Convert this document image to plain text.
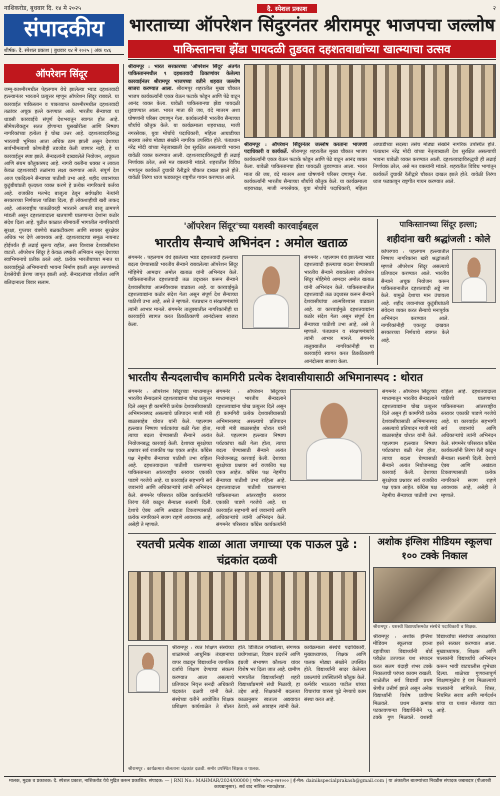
नाशिकरोड, बुधवार दि. १४ मे २०२५	दै. स्पेशल प्रकाश	२
संपादकीय
शीर्षक: दै. स्पेशल प्रकाश | बुधवार १४ मे २०२५ | अंक १४६
भारताच्या ऑपरेशन सिंदुरनंतर श्रीरामपूर भाजपचा जल्लोष
पाकिस्तानचा झेंडा पायदळी तुडवत दहशतवाद्यांच्या खात्म्याचा उत्सव
ऑपरेशन सिंदूर
जम्मू-काश्मीरमधील पेहलगाम येथे झालेल्या भ्याड दहशतवादी हल्ल्यानंतर भारताने प्रत्युत्तर म्हणून ऑपरेशन सिंदूर राबवले. या कारवाईत पाकिस्तान व पाकव्याप्त काश्मीरमधील दहशतवादी तळांवर अचूक हल्ले करण्यात आले. भारतीय सैन्याच्या या धाडसी कारवाईचे संपूर्ण देशभरातून स्वागत होत आहे. सीमेपलीकडून सतत होणाऱ्या घुसखोरीला आणि निष्पाप नागरिकांच्या हत्येला हे चोख उत्तर आहे. दहशतवादाविरुद्ध भारताची भूमिका आता अधिक ठाम झाली असून देशाच्या सार्वभौमत्वाशी कोणतीही तडजोड केली जाणार नाही, हे या कारवाईतून स्पष्ट झाले. सैन्यदलांनी दाखवलेले नियोजन, अचूकता आणि संयम कौतुकास्पद आहे. नागरी वस्तींना धक्का न लावता केवळ दहशतवादी तळांनाच लक्ष्य करण्यात आले. संपूर्ण देश आज एकदिलाने सैन्याच्या पाठीशी उभा आहे. शहीद जवानांच्या कुटुंबीयांप्रती कृतज्ञता व्यक्त करणे हे प्रत्येक नागरिकाचे कर्तव्य आहे. राजकीय मतभेद बाजूला ठेवून सर्वपक्षीय नेत्यांनी सरकारच्या निर्णयाला पाठिंबा दिला, ही लोकशाहीची खरी ताकद आहे. आंतरराष्ट्रीय पातळीवरही भारताने आपली बाजू ठामपणे मांडली असून दहशतवादाला खतपाणी घालणाऱ्या देशांना कठोर संदेश दिला आहे. पुढील काळात सीमावर्ती भागातील नागरिकांची सुरक्षा, गुप्तचर यंत्रणेचे बळकटीकरण आणि सायबर सुरक्षेवर अधिक भर देणे आवश्यक आहे. दहशतवादाचा समूळ नायनाट होईपर्यंत ही लढाई सुरूच राहील, असा विश्वास देशवासीयांना वाटतो. ऑपरेशन सिंदूर हे केवळ लष्करी अभियान नसून देशाच्या स्वाभिमानाचे प्रतीक ठरले आहे. प्रत्येक भारतीयाच्या मनात या कारवाईमुळे अभिमानाची भावना निर्माण झाली असून तरुणांमध्ये देशसेवेची प्रेरणा जागृत झाली आहे. सैन्यदलांच्या शौर्याला आणि बलिदानाला त्रिवार सलाम.
श्रीरामपूर : भारत सरकारच्या 'ऑपरेशन सिंदूर' अंतर्गत पाकिस्तानमधील ९ दहशतवादी ठिकाणांवर केलेल्या कारवाईनंतर श्रीरामपूर भाजपच्या वतीने शहरात जल्लोष साजरा करण्यात आला. श्रीरामपूर शहरातील मुख्य चौकात भाजप कार्यकर्त्यांनी एकत्र येऊन फटाके फोडून आणि पेढे वाटून आनंद व्यक्त केला. यावेळी पाकिस्तानचा झेंडा पायदळी तुडवण्यात आला. भारत माता की जय, वंदे मातरम अशा घोषणांनी परिसर दणाणून गेला. कार्यकर्त्यांनी भारतीय सैन्याच्या शौर्याचे कौतुक केले. या कार्यक्रमाला शहराध्यक्ष, माजी नगरसेवक, युवा मोर्चाचे पदाधिकारी, महिला आघाडीच्या सदस्या तसेच मोठ्या संख्येने नागरिक उपस्थित होते. पंतप्रधान नरेंद्र मोदी यांच्या नेतृत्वाखाली देश सुरक्षित असल्याची भावना यावेळी व्यक्त करण्यात आली. दहशतवादाविरुद्धची ही लढाई निर्णायक ठरेल, असे मत वक्त्यांनी मांडले. शहरातील विविध भागांतून कार्यकर्ते दुचाकी रॅलीद्वारे चौकात दाखल झाले होते. यावेळी तिरंगा ध्वज फडकावून राष्ट्रगीत गायन करण्यात आले.
श्रीरामपूर : ऑपरेशन सिंदूरनंतर जल्लोष करताना भाजपचे पदाधिकारी व कार्यकर्ते. श्रीरामपूर शहरातील मुख्य चौकात भाजप कार्यकर्त्यांनी एकत्र येऊन फटाके फोडून आणि पेढे वाटून आनंद व्यक्त केला. यावेळी पाकिस्तानचा झेंडा पायदळी तुडवण्यात आला. भारत माता की जय, वंदे मातरम अशा घोषणांनी परिसर दणाणून गेला. कार्यकर्त्यांनी भारतीय सैन्याच्या शौर्याचे कौतुक केले. या कार्यक्रमाला शहराध्यक्ष, माजी नगरसेवक, युवा मोर्चाचे पदाधिकारी, महिला आघाडीच्या सदस्या तसेच मोठ्या संख्येने नागरिक उपस्थित होते. पंतप्रधान नरेंद्र मोदी यांच्या नेतृत्वाखाली देश सुरक्षित असल्याची भावना यावेळी व्यक्त करण्यात आली. दहशतवादाविरुद्धची ही लढाई निर्णायक ठरेल, असे मत वक्त्यांनी मांडले. शहरातील विविध भागांतून कार्यकर्ते दुचाकी रॅलीद्वारे चौकात दाखल झाले होते. यावेळी तिरंगा ध्वज फडकावून राष्ट्रगीत गायन करण्यात आले.
'ऑपरेशन सिंदूर'च्या यशस्वी कारवाईबद्दल
भारतीय सैन्याचे अभिनंदन : अमोल खताळ
संगमनेर : पहलगाम येथे झालेल्या भ्याड दहशतवादी हल्ल्याचा बदला घेण्यासाठी भारतीय सैन्याने राबवलेल्या ऑपरेशन सिंदूर मोहिमेचे आमदार अमोल खताळ यांनी अभिनंदन केले. पाकिस्तानातील दहशतवादी तळ उद्ध्वस्त करून सैन्याने देशवासीयांचा आत्मविश्वास वाढवला आहे. या कारवाईमुळे दहशतवाद्यांना कठोर संदेश गेला असून संपूर्ण देश सैन्याच्या पाठीशी उभा आहे, असे ते म्हणाले. पंतप्रधान व संरक्षणमंत्र्यांचे त्यांनी आभार मानले. संगमनेर तालुक्यातील नागरिकांनीही या कारवाईचे स्वागत करत ठिकठिकाणी आनंदोत्सव साजरा केला.
संगमनेर : पहलगाम येथे झालेल्या भ्याड दहशतवादी हल्ल्याचा बदला घेण्यासाठी भारतीय सैन्याने राबवलेल्या ऑपरेशन सिंदूर मोहिमेचे आमदार अमोल खताळ यांनी अभिनंदन केले. पाकिस्तानातील दहशतवादी तळ उद्ध्वस्त करून सैन्याने देशवासीयांचा आत्मविश्वास वाढवला आहे. या कारवाईमुळे दहशतवाद्यांना कठोर संदेश गेला असून संपूर्ण देश सैन्याच्या पाठीशी उभा आहे, असे ते म्हणाले. पंतप्रधान व संरक्षणमंत्र्यांचे त्यांनी आभार मानले. संगमनेर तालुक्यातील नागरिकांनीही या कारवाईचे स्वागत करत ठिकठिकाणी आनंदोत्सव साजरा केला.
पाकिस्तानच्या सिंदूर हल्ला;
शहीदांना खरी श्रद्धांजली : कोले
कोपरगाव : पहलगाम हल्ल्यातील निष्पाप नागरिकांना खरी श्रद्धांजली म्हणजे ऑपरेशन सिंदूर असल्याचे प्रतिपादन करण्यात आले. भारतीय सैन्याने अचूक नियोजन करून पाकिस्तानातील दहशतवादी अड्डे नष्ट केले. यामुळे देशाचा मान उंचावला आहे. शहीद जवानांच्या कुटुंबीयांप्रती संवेदना व्यक्त करत सैन्याचे मनःपूर्वक अभिनंदन करण्यात आले. नागरिकांनीही एकजूट दाखवत सरकारच्या निर्णयाचे स्वागत केले आहे.
भारतीय सैन्यदलाचीच कामगिरी प्रत्येक देशवासीयासाठी अभिमानास्पद : थोरात
संगमनेर : ऑपरेशन सिंदूरच्या माध्यमातून भारतीय सैन्यदलाने दहशतवाद्यांना चोख प्रत्युत्तर दिले असून ही कामगिरी प्रत्येक देशवासीयासाठी अभिमानास्पद असल्याचे प्रतिपादन माजी मंत्री बाळासाहेब थोरात यांनी केले. पहलगाम हल्ल्यात निष्पाप पर्यटकांचा बळी गेला होता, त्याचा बदला घेण्यासाठी सैन्याने अत्यंत नियोजनबद्ध कारवाई केली. देशाच्या सुरक्षेच्या प्रश्नावर सर्व राजकीय पक्ष एकत्र आहेत. काँग्रेस पक्ष नेहमीच सैन्याच्या पाठीशी उभा राहिला आहे. दहशतवादाला पाठीशी घालणाऱ्या पाकिस्तानला आंतरराष्ट्रीय स्तरावर एकाकी पाडणे गरजेचे आहे. या कारवाईत सहभागी सर्व जवानांचे आणि अधिकाऱ्यांचे त्यांनी अभिनंदन केले. संगमनेर परिसरात काँग्रेस कार्यकर्त्यांनी तिरंगा रॅली काढून सैन्याला सलामी दिली. देशाचे ऐक्य आणि अखंडता टिकवण्यासाठी प्रत्येक नागरिकाने सजग राहणे आवश्यक आहे, असेही ते म्हणाले.
संगमनेर : ऑपरेशन सिंदूरच्या माध्यमातून भारतीय सैन्यदलाने दहशतवाद्यांना चोख प्रत्युत्तर दिले असून ही कामगिरी प्रत्येक देशवासीयासाठी अभिमानास्पद असल्याचे प्रतिपादन माजी मंत्री बाळासाहेब थोरात यांनी केले. पहलगाम हल्ल्यात निष्पाप पर्यटकांचा बळी गेला होता, त्याचा बदला घेण्यासाठी सैन्याने अत्यंत नियोजनबद्ध कारवाई केली. देशाच्या सुरक्षेच्या प्रश्नावर सर्व राजकीय पक्ष एकत्र आहेत. काँग्रेस पक्ष नेहमीच सैन्याच्या पाठीशी उभा राहिला आहे. दहशतवादाला पाठीशी घालणाऱ्या पाकिस्तानला आंतरराष्ट्रीय स्तरावर एकाकी पाडणे गरजेचे आहे. या कारवाईत सहभागी सर्व जवानांचे आणि अधिकाऱ्यांचे त्यांनी अभिनंदन केले. संगमनेर परिसरात काँग्रेस कार्यकर्त्यांनी
संगमनेर : ऑपरेशन सिंदूरच्या माध्यमातून भारतीय सैन्यदलाने दहशतवाद्यांना चोख प्रत्युत्तर दिले असून ही कामगिरी प्रत्येक देशवासीयासाठी अभिमानास्पद असल्याचे प्रतिपादन माजी मंत्री बाळासाहेब थोरात यांनी केले. पहलगाम हल्ल्यात निष्पाप पर्यटकांचा बळी गेला होता, त्याचा बदला घेण्यासाठी सैन्याने अत्यंत नियोजनबद्ध कारवाई केली. देशाच्या सुरक्षेच्या प्रश्नावर सर्व राजकीय पक्ष एकत्र आहेत. काँग्रेस पक्ष नेहमीच सैन्याच्या पाठीशी उभा राहिला आहे. दहशतवादाला पाठीशी घालणाऱ्या पाकिस्तानला आंतरराष्ट्रीय स्तरावर एकाकी पाडणे गरजेचे आहे. या कारवाईत सहभागी सर्व जवानांचे आणि अधिकाऱ्यांचे त्यांनी अभिनंदन केले. संगमनेर परिसरात काँग्रेस कार्यकर्त्यांनी तिरंगा रॅली काढून सैन्याला सलामी दिली. देशाचे ऐक्य आणि अखंडता टिकवण्यासाठी प्रत्येक नागरिकाने सजग राहणे आवश्यक आहे, असेही ते म्हणाले.
रयतची प्रत्येक शाळा आता जगाच्या एक पाऊल पुढे : चंद्रकांत दळवी
श्रीरामपूर : रयत शिक्षण संस्थेच्या शाळांमध्ये आधुनिक तंत्रज्ञानाचा वापर वाढवून विद्यार्थ्यांना जागतिक दर्जाचे शिक्षण देण्याचा संकल्प करण्यात आला असल्याचे प्रतिपादन निवृत्त सनदी अधिकारी चंद्रकांत दळवी यांनी केले. संस्थेच्या वतीने आयोजित शिक्षक प्रशिक्षण कार्यशाळेत ते बोलत होते. डिजिटल वर्गखोल्या, संगणक प्रयोगशाळा, विज्ञान प्रदर्शने आणि इंग्रजी संभाषण कौशल्य यांवर विशेष भर दिला जात आहे. ग्रामीण भागातील विद्यार्थ्यांनाही शहरी विद्यार्थ्यांप्रमाणे संधी मिळावी, हा उद्देश आहे. शिक्षकांनी बदलत्या काळानुसार स्वतःला अद्ययावत ठेवावे, असे आवाहन त्यांनी केले. कार्यक्रमाला संस्थेचे पदाधिकारी, मुख्याध्यापक, शिक्षक आणि पालक मोठ्या संख्येने उपस्थित होते. विद्यार्थ्यांनी सादर केलेल्या प्रकल्पांचे उपस्थितांनी कौतुक केले. कर्मवीर भाऊराव पाटील यांच्या विचारांचा वारसा पुढे नेण्याचे काम संस्था करत आहे.
श्रीरामपूर : कार्यक्रमात बोलताना चंद्रकांत दळवी. समोर उपस्थित शिक्षक व पालक.
अशोक इंग्लिश मीडियम स्कूलचा १०० टक्के निकाल
श्रीरामपूर : यशस्वी विद्यार्थ्यांसमवेत संस्थेचे पदाधिकारी व शिक्षक.
श्रीरामपूर : अशोक इंग्लिश मीडियम स्कूलच्या इयत्ता दहावीच्या विद्यार्थ्यांनी बोर्ड परीक्षेत उज्ज्वल यश संपादन करत सलग यंदाही शंभर टक्के निकालाची परंपरा कायम राखली. शाळेतील सर्व विद्यार्थी प्रथम श्रेणीत उत्तीर्ण झाले असून अनेक विद्यार्थ्यांनी विशेष प्रावीण्य मिळवले. प्रथम क्रमांक पटकावणाऱ्या विद्यार्थिनीने ९६ टक्के गुण मिळवले. यशस्वी विद्यार्थ्यांचा संस्थेच्या अध्यक्षांच्या हस्ते सत्कार करण्यात आला. मुख्याध्यापक, शिक्षक आणि पालकांनी विद्यार्थ्यांचे अभिनंदन करून भावी वाटचालीस शुभेच्छा दिल्या. शाळेच्या गुणवत्तापूर्ण शिक्षणामुळेच हे यश मिळाल्याचे पालकांनी सांगितले. शिस्त, नियमित सराव आणि मार्गदर्शन यांचा या यशात मोलाचा वाटा आहे.
मालक, मुद्रक व प्रकाशक: दै. स्पेशल प्रकाश, नाशिकरोड येथे मुद्रित करून प्रकाशित. संपादक: — | RNI No.: MAHMAR/2024/00000 | फोन: ०२५३-२४१००० | ई-मेल: dainikspecialprakash@gmail.com | या अंकातील बातम्यांच्या निवडीस संपादक जबाबदार (पीआरबी कायद्यानुसार). सर्व वाद नाशिक न्यायक्षेत्रात.
